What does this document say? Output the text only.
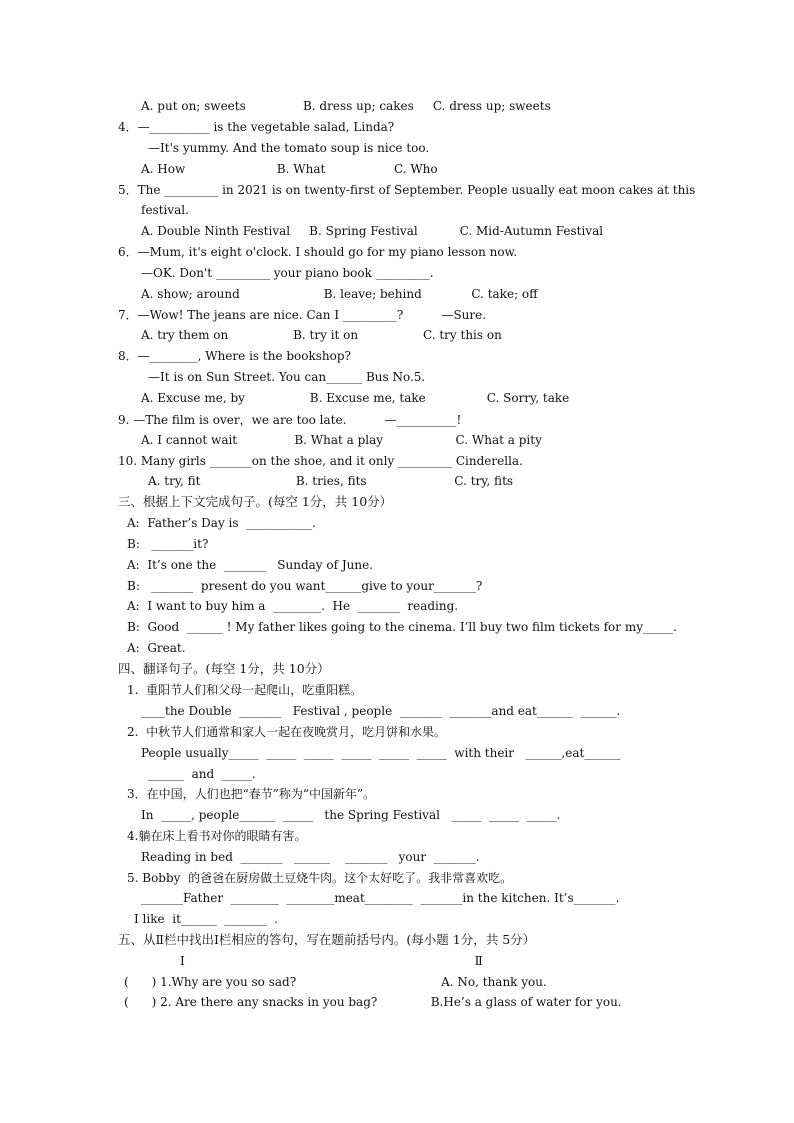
A. put on; sweets               B. dress up; cakes     C. dress up; sweets
4．—__________ is the vegetable salad, Linda?
—It's yummy. And the tomato soup is nice too.
A. How                        B. What                  C. Who
5．The _________ in 2021 is on twenty-first of September. People usually eat moon cakes at this
festival.
A. Double Ninth Festival     B. Spring Festival           C. Mid-Autumn Festival
6．—Mum, it's eight o'clock. I should go for my piano lesson now.
—OK. Don't _________ your piano book _________.
A. show; around                      B. leave; behind             C. take; off
7．—Wow! The jeans are nice. Can I _________?          —Sure.
A. try them on                 B. try it on                 C. try this on
8．—________, Where is the bookshop?
—It is on Sun Street. You can______ Bus No.5.
A. Excuse me, by                 B. Excuse me, take                C. Sorry, take
9. —The film is over，we are too late.          —__________!
A. I cannot wait               B. What a play                   C. What a pity
10. Many girls _______on the shoe, and it only _________ Cinderella.
A. try, fit                         B. tries, fits                       C. try, fits
三、根据上下文完成句子。(每空 1分，共 10分）
A:  Father’s Day is  ___________.
B:   _______it?
A:  It’s one the  _______   Sunday of June.
B:   _______  present do you want______give to your_______?
A:  I want to buy him a  ________.  He  _______  reading.
B:  Good  ______ ! My father likes going to the cinema. I’ll buy two film tickets for my_____.
A:  Great.
四、翻译句子。(每空 1分，共 10分）
1.  重阳节人们和父母一起爬山，吃重阳糕。
____the Double  _______   Festival , people  _______  _______and eat______  ______.
2.  中秋节人们通常和家人一起在夜晚赏月，吃月饼和水果。
People usually_____  _____  _____  _____  _____  _____  with their   ______,eat______
______  and  _____.
3．在中国，人们也把“春节”称为“中国新年”。
In  _____, people______  _____   the Spring Festival   _____  _____  _____.
4.躺在床上看书对你的眼睛有害。
Reading in bed  _______   ______    _______   your  _______.
5. Bobby  的爸爸在厨房做土豆烧牛肉。这个太好吃了。我非常喜欢吃。
_______Father  ________  ________meat________  _______in the kitchen. It’s_______.
I like  it______  _______  .
五、从Ⅱ栏中找出Ⅰ栏相应的答句，写在题前括号内。(每小题 1分，共 5分）
Ⅰ                                                                            Ⅱ
(      ) 1.Why are you so sad?                                      A. No, thank you.
(      ) 2. Are there any snacks in you bag?              B.He’s a glass of water for you.
